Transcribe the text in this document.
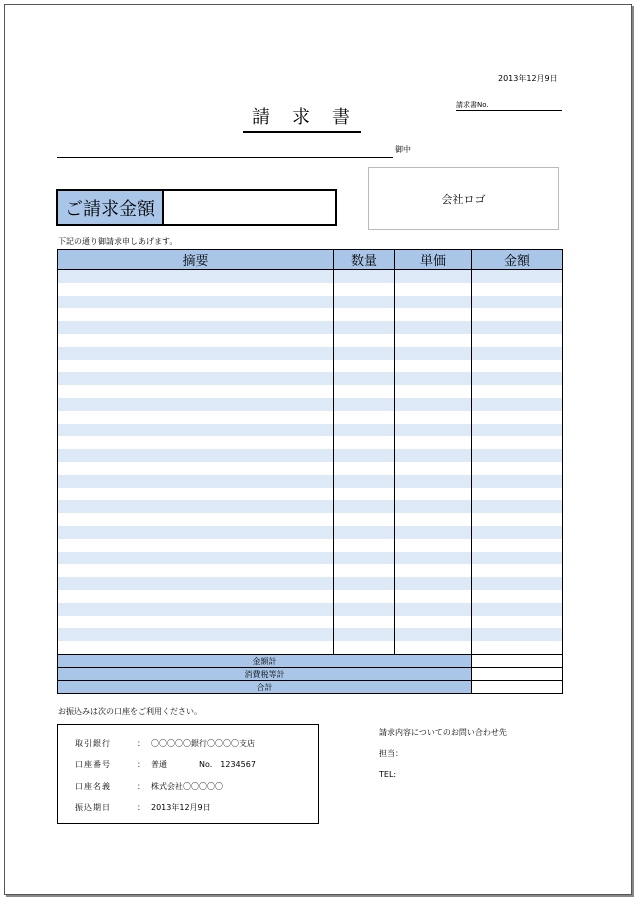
2013年12月9日
請　求　書
請求書No.
御中
会社ロゴ
ご請求金額
下記の通り御請求申しあげます。
摘要	数量	単価	金額

金額計	
消費税等計	
合計	
お振込みは次の口座をご利用ください。
取引銀行	： 〇〇〇〇〇銀行〇〇〇〇支店
口座番号	： 普通　　　　No.　1234567
口座名義	： 株式会社〇〇〇〇〇
振込期日	： 2013年12月9日
請求内容についてのお問い合わせ先
担当：
TEL:
